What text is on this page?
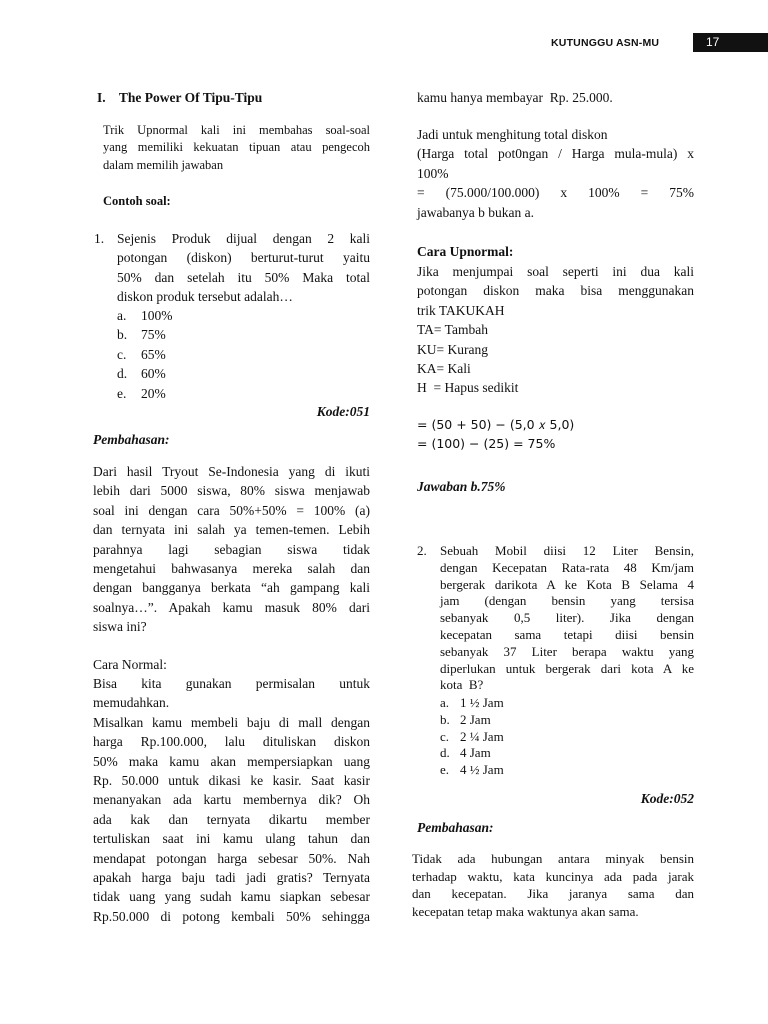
KUTUNGGU ASN-MU	17
I.    The Power Of Tipu-Tipu
Trik Upnormal kali ini membahas soal-soal
yang memiliki kekuatan tipuan atau pengecoh
dalam memilih jawaban
Contoh soal:
1. Sejenis Produk dijual dengan 2 kali
potongan (diskon) berturut-turut yaitu
50% dan setelah itu 50% Maka total
diskon produk tersebut adalah…
a. 100%
b. 75%
c. 65%
d. 60%
e. 20%
Kode:051
Pembahasan:
Dari hasil Tryout Se-Indonesia yang di ikuti
lebih dari 5000 siswa, 80% siswa menjawab
soal ini dengan cara 50%+50% = 100% (a)
dan ternyata ini salah ya temen-temen. Lebih
parahnya lagi sebagian siswa tidak
mengetahui bahwasanya mereka salah dan
dengan bangganya berkata “ah gampang kali
soalnya…”. Apakah kamu masuk 80% dari
siswa ini?
Cara Normal:
Bisa kita gunakan permisalan untuk
memudahkan.
Misalkan kamu membeli baju di mall dengan
harga Rp.100.000, lalu dituliskan diskon
50% maka kamu akan mempersiapkan uang
Rp. 50.000 untuk dikasi ke kasir. Saat kasir
menanyakan ada kartu membernya dik? Oh
ada kak dan ternyata dikartu member
tertuliskan saat ini kamu ulang tahun dan
mendapat potongan harga sebesar 50%. Nah
apakah harga baju tadi jadi gratis? Ternyata
tidak uang yang sudah kamu siapkan sebesar
Rp.50.000 di potong kembali 50% sehingga
kamu hanya membayar  Rp. 25.000.
Jadi untuk menghitung total diskon
(Harga total pot0ngan / Harga mula-mula) x
100%
= (75.000/100.000) x 100% = 75%
jawabanya b bukan a.
Cara Upnormal:
Jika menjumpai soal seperti ini dua kali
potongan diskon maka bisa menggunakan
trik TAKUKAH
TA= Tambah
KU= Kurang
KA= Kali
H  = Hapus sedikit
= (50 + 50) − (5,0 𝑥 5,0)
= (100) − (25) = 75%
Jawaban b.75%
2. Sebuah Mobil diisi 12 Liter Bensin,
dengan Kecepatan Rata-rata 48 Km/jam
bergerak darikota A ke Kota B Selama 4
jam (dengan bensin yang tersisa
sebanyak 0,5 liter). Jika dengan
kecepatan sama tetapi diisi bensin
sebanyak 37 Liter berapa waktu yang
diperlukan untuk bergerak dari kota A ke
kota  B?
a. 1 ½ Jam
b. 2 Jam
c. 2 ¼ Jam
d. 4 Jam
e. 4 ½ Jam
Kode:052
Pembahasan:
Tidak ada hubungan antara minyak bensin
terhadap waktu, kata kuncinya ada pada jarak
dan kecepatan. Jika jaranya sama dan
kecepatan tetap maka waktunya akan sama.
